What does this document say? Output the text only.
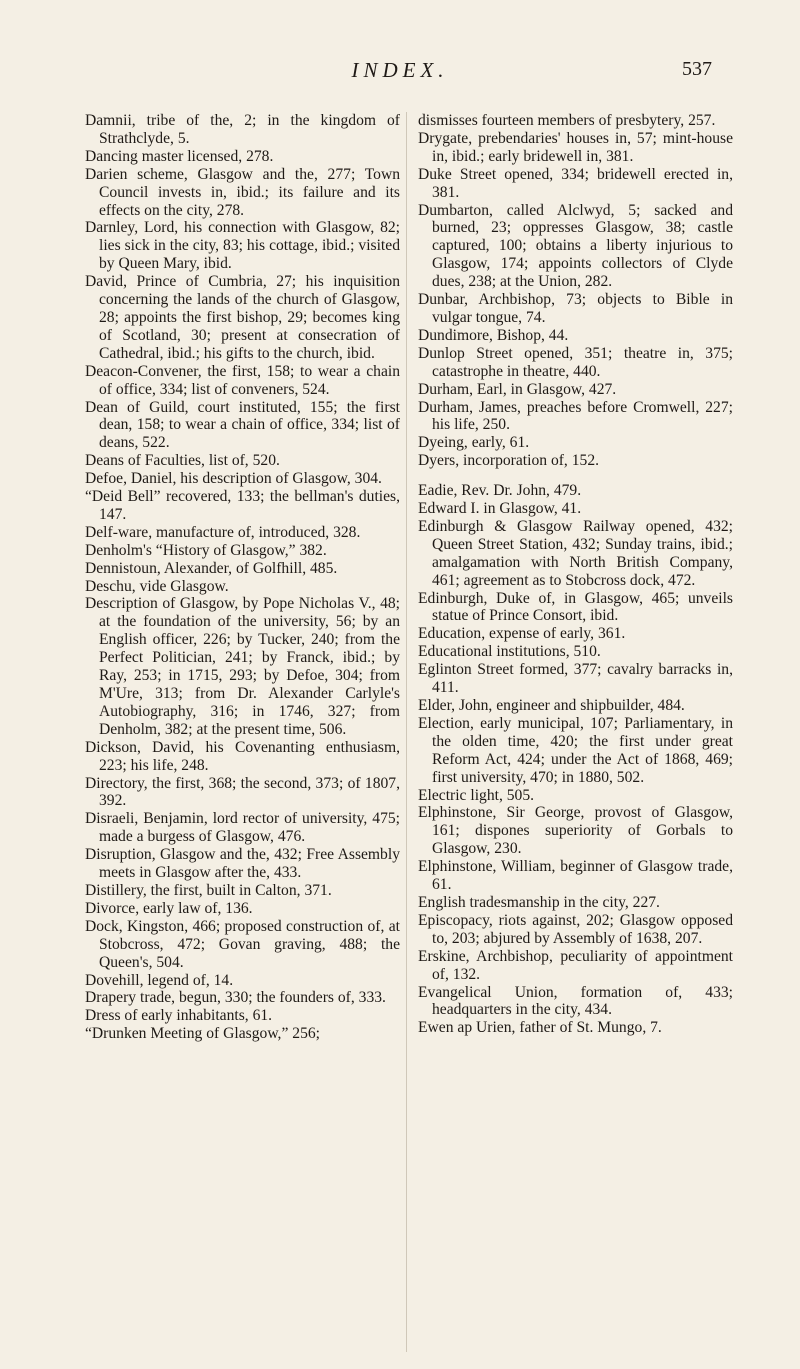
INDEX.	537

Damnii, tribe of the, 2; in the kingdom of Strathclyde, 5.

Dancing master licensed, 278.

Darien scheme, Glasgow and the, 277; Town Council invests in, ibid.; its failure and its effects on the city, 278.

Darnley, Lord, his connection with Glasgow, 82; lies sick in the city, 83; his cottage, ibid.; visited by Queen Mary, ibid.

David, Prince of Cumbria, 27; his inquisition concerning the lands of the church of Glasgow, 28; appoints the first bishop, 29; becomes king of Scotland, 30; present at consecration of Cathedral, ibid.; his gifts to the church, ibid.

Deacon-Convener, the first, 158; to wear a chain of office, 334; list of conveners, 524.

Dean of Guild, court instituted, 155; the first dean, 158; to wear a chain of office, 334; list of deans, 522.

Deans of Faculties, list of, 520.

Defoe, Daniel, his description of Glasgow, 304.

“Deid Bell” recovered, 133; the bellman's duties, 147.

Delf-ware, manufacture of, introduced, 328.

Denholm's “History of Glasgow,” 382.

Dennistoun, Alexander, of Golfhill, 485.

Deschu, vide Glasgow.

Description of Glasgow, by Pope Nicholas V., 48; at the foundation of the university, 56; by an English officer, 226; by Tucker, 240; from the Perfect Politician, 241; by Franck, ibid.; by Ray, 253; in 1715, 293; by Defoe, 304; from M'Ure, 313; from Dr. Alexander Carlyle's Autobiography, 316; in 1746, 327; from Denholm, 382; at the present time, 506.

Dickson, David, his Covenanting enthusiasm, 223; his life, 248.

Directory, the first, 368; the second, 373; of 1807, 392.

Disraeli, Benjamin, lord rector of university, 475; made a burgess of Glasgow, 476.

Disruption, Glasgow and the, 432; Free Assembly meets in Glasgow after the, 433.

Distillery, the first, built in Calton, 371.

Divorce, early law of, 136.

Dock, Kingston, 466; proposed construction of, at Stobcross, 472; Govan graving, 488; the Queen's, 504.

Dovehill, legend of, 14.

Drapery trade, begun, 330; the founders of, 333.

Dress of early inhabitants, 61.

“Drunken Meeting of Glasgow,” 256;

dismisses fourteen members of presbytery, 257.

Drygate, prebendaries' houses in, 57; mint-house in, ibid.; early bridewell in, 381.

Duke Street opened, 334; bridewell erected in, 381.

Dumbarton, called Alclwyd, 5; sacked and burned, 23; oppresses Glasgow, 38; castle captured, 100; obtains a liberty injurious to Glasgow, 174; appoints collectors of Clyde dues, 238; at the Union, 282.

Dunbar, Archbishop, 73; objects to Bible in vulgar tongue, 74.

Dundimore, Bishop, 44.

Dunlop Street opened, 351; theatre in, 375; catastrophe in theatre, 440.

Durham, Earl, in Glasgow, 427.

Durham, James, preaches before Cromwell, 227; his life, 250.

Dyeing, early, 61.

Dyers, incorporation of, 152.

Eadie, Rev. Dr. John, 479.

Edward I. in Glasgow, 41.

Edinburgh & Glasgow Railway opened, 432; Queen Street Station, 432; Sunday trains, ibid.; amalgamation with North British Company, 461; agreement as to Stobcross dock, 472.

Edinburgh, Duke of, in Glasgow, 465; unveils statue of Prince Consort, ibid.

Education, expense of early, 361.

Educational institutions, 510.

Eglinton Street formed, 377; cavalry barracks in, 411.

Elder, John, engineer and shipbuilder, 484.

Election, early municipal, 107; Parliamentary, in the olden time, 420; the first under great Reform Act, 424; under the Act of 1868, 469; first university, 470; in 1880, 502.

Electric light, 505.

Elphinstone, Sir George, provost of Glasgow, 161; dispones superiority of Gorbals to Glasgow, 230.

Elphinstone, William, beginner of Glasgow trade, 61.

English tradesmanship in the city, 227.

Episcopacy, riots against, 202; Glasgow opposed to, 203; abjured by Assembly of 1638, 207.

Erskine, Archbishop, peculiarity of appointment of, 132.

Evangelical Union, formation of, 433; headquarters in the city, 434.

Ewen ap Urien, father of St. Mungo, 7.
